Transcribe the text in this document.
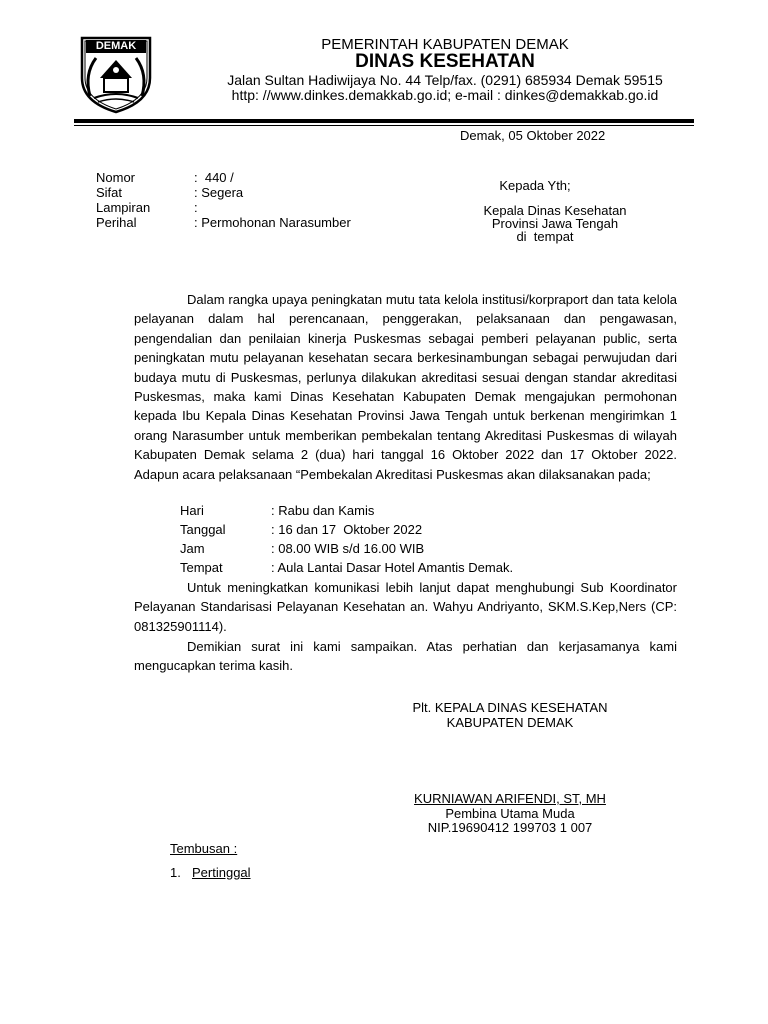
DEMAK	PEMERINTAH KABUPATEN DEMAK
DINAS KESEHATAN
Jalan Sultan Hadiwijaya No. 44 Telp/fax. (0291) 685934 Demak 59515
http: //www.dinkes.demakkab.go.id; e-mail : dinkes@demakkab.go.id
Demak, 05 Oktober 2022
Nomor	:  440 /
Sifat	: Segera
Lampiran	:
Perihal	: Permohonan Narasumber
Kepada Yth;
Kepala Dinas Kesehatan
Provinsi Jawa Tengah
di  tempat
Dalam rangka upaya peningkatan mutu tata kelola institusi/korpraport dan tata kelola pelayanan dalam hal perencanaan, penggerakan, pelaksanaan dan pengawasan, pengendalian dan penilaian kinerja Puskesmas sebagai pemberi pelayanan public, serta peningkatan mutu pelayanan kesehatan secara berkesinambungan sebagai perwujudan dari budaya mutu di Puskesmas, perlunya dilakukan akreditasi sesuai dengan standar akreditasi Puskesmas, maka kami Dinas Kesehatan Kabupaten Demak mengajukan permohonan kepada Ibu Kepala Dinas Kesehatan Provinsi Jawa Tengah untuk berkenan mengirimkan 1 orang Narasumber untuk memberikan pembekalan tentang Akreditasi Puskesmas di wilayah Kabupaten Demak selama 2 (dua) hari tanggal 16 Oktober 2022 dan 17 Oktober 2022. Adapun acara pelaksanaan “Pembekalan Akreditasi Puskesmas akan dilaksanakan pada;
Hari	: Rabu dan Kamis
Tanggal	: 16 dan 17  Oktober 2022
Jam	: 08.00 WIB s/d 16.00 WIB
Tempat	: Aula Lantai Dasar Hotel Amantis Demak.
Untuk meningkatkan komunikasi lebih lanjut dapat menghubungi Sub Koordinator Pelayanan Standarisasi Pelayanan Kesehatan an. Wahyu Andriyanto, SKM.S.Kep,Ners (CP: 081325901114).
Demikian surat ini kami sampaikan. Atas perhatian dan kerjasamanya kami mengucapkan terima kasih.
Plt. KEPALA DINAS KESEHATAN
KABUPATEN DEMAK
KURNIAWAN ARIFENDI, ST, MH
Pembina Utama Muda
NIP.19690412 199703 1 007
Tembusan :
1. Pertinggal
